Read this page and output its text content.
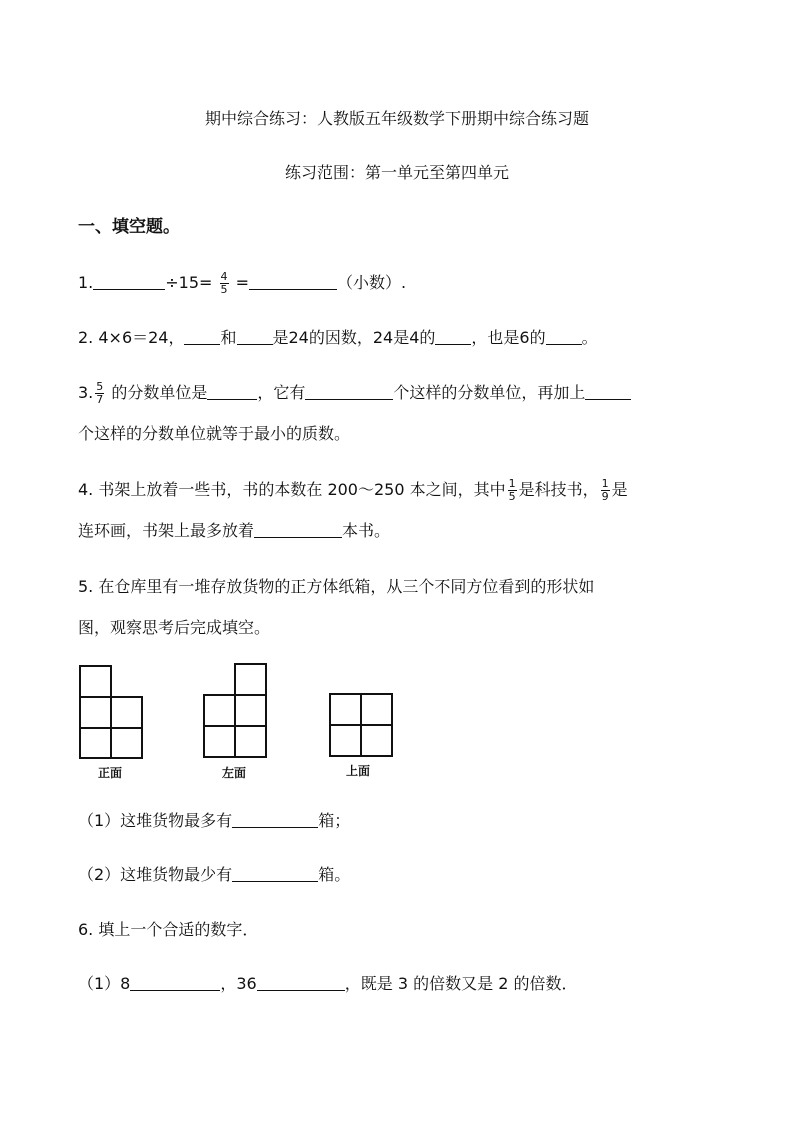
期中综合练习：人教版五年级数学下册期中综合练习题
练习范围：第一单元至第四单元
一、填空题。
1.	$\div 15= \frac{4}{5}$ =	（小数）.
2. 4×6＝24， 和 是24的因数，24是4的 ，也是6的 。
3. $\frac{5}{7}$ 的分数单位是	，它有	个这样的分数单位，再加上
个这样的分数单位就等于最小的质数。
4. 书架上放着一些书，书的本数在 200～250 本之间，其中 $\frac{1}{5}$ 是科技书， $\frac{1}{9}$ 是
连环画，书架上最多放着	本书。
5. 在仓库里有一堆存放货物的正方体纸箱，从三个不同方位看到的形状如
图，观察思考后完成填空。
正面	左面	上面
（1）这堆货物最多有	箱；
（2）这堆货物最少有	箱。
6. 填上一个合适的数字．
（1）8	，36	，既是 3 的倍数又是 2 的倍数．
